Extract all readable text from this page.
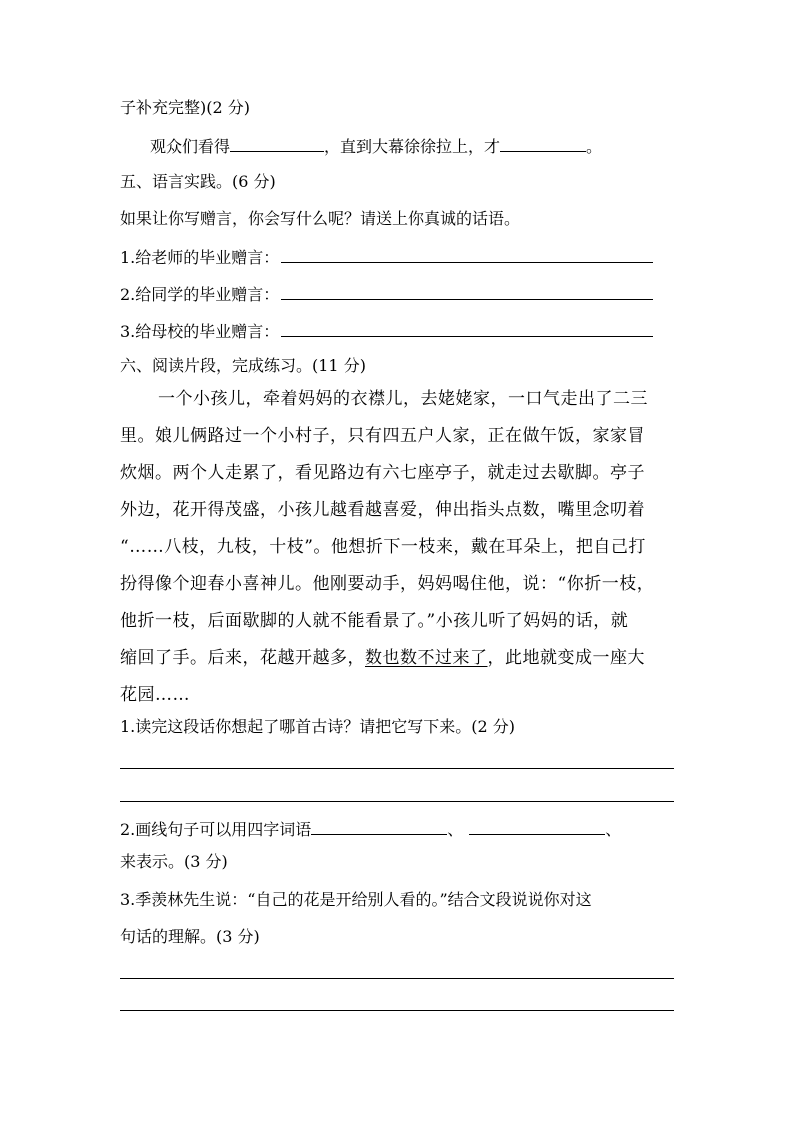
子补充完整)(2 分)
观众们看得	，直到大幕徐徐拉上，才	。
五、语言实践。(6 分)
如果让你写赠言，你会写什么呢？请送上你真诚的话语。
1.给老师的毕业赠言：
2.给同学的毕业赠言：
3.给母校的毕业赠言：
六、阅读片段，完成练习。(11 分)
一个小孩儿，牵着妈妈的衣襟儿，去姥姥家，一口气走出了二三
里。娘儿俩路过一个小村子，只有四五户人家，正在做午饭，家家冒
炊烟。两个人走累了，看见路边有六七座亭子，就走过去歇脚。亭子
外边，花开得茂盛，小孩儿越看越喜爱，伸出指头点数，嘴里念叨着
“……八枝，九枝，十枝”。他想折下一枝来，戴在耳朵上，把自己打
扮得像个迎春小喜神儿。他刚要动手，妈妈喝住他，说：“你折一枝，
他折一枝，后面歇脚的人就不能看景了。”小孩儿听了妈妈的话，就
缩回了手。后来，花越开越多，数也数不过来了，此地就变成一座大
花园……
1.读完这段话你想起了哪首古诗？请把它写下来。(2 分)
2.画线句子可以用四字词语	、	、
来表示。(3 分)
3.季羡林先生说：“自己的花是开给别人看的。”结合文段说说你对这
句话的理解。(3 分)
